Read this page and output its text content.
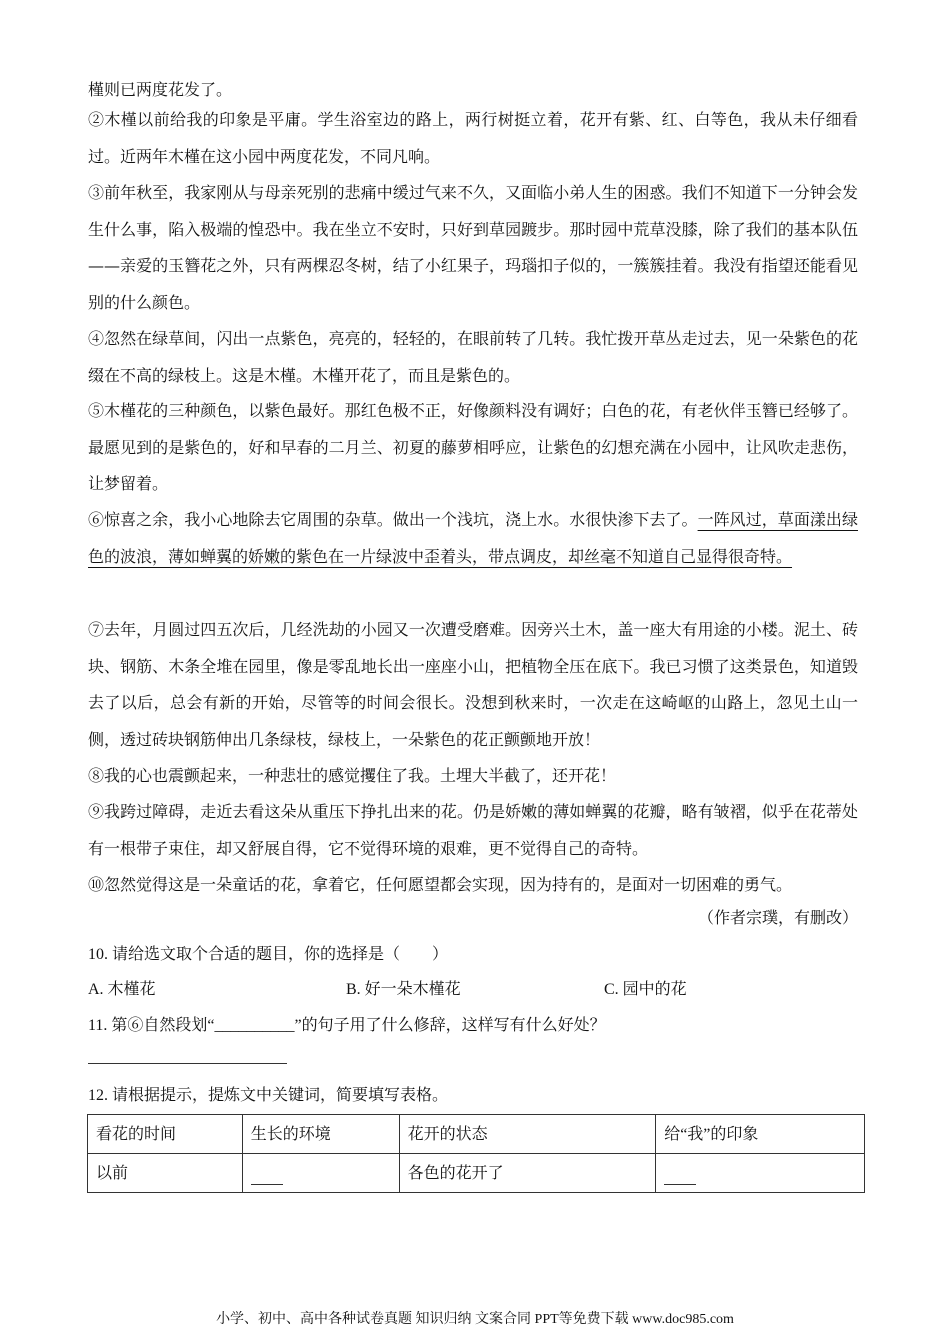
槿则已两度花发了。
②木槿以前给我的印象是平庸。学生浴室边的路上，两行树挺立着，花开有紫、红、白等色，我从未仔细看过。近两年木槿在这小园中两度花发，不同凡响。
③前年秋至，我家刚从与母亲死别的悲痛中缓过气来不久，又面临小弟人生的困惑。我们不知道下一分钟会发生什么事，陷入极端的惶恐中。我在坐立不安时，只好到草园踱步。那时园中荒草没膝，除了我们的基本队伍——亲爱的玉簪花之外，只有两棵忍冬树，结了小红果子，玛瑙扣子似的，一簇簇挂着。我没有指望还能看见别的什么颜色。
④忽然在绿草间，闪出一点紫色，亮亮的，轻轻的，在眼前转了几转。我忙拨开草丛走过去，见一朵紫色的花缀在不高的绿枝上。这是木槿。木槿开花了，而且是紫色的。
⑤木槿花的三种颜色，以紫色最好。那红色极不正，好像颜料没有调好；白色的花，有老伙伴玉簪已经够了。最愿见到的是紫色的，好和早春的二月兰、初夏的藤萝相呼应，让紫色的幻想充满在小园中，让风吹走悲伤，让梦留着。
⑥惊喜之余，我小心地除去它周围的杂草。做出一个浅坑，浇上水。水很快渗下去了。一阵风过，草面漾出绿色的波浪，薄如蝉翼的娇嫩的紫色在一片绿波中歪着头，带点调皮，却丝毫不知道自己显得很奇特。
⑦去年，月圆过四五次后，几经洗劫的小园又一次遭受磨难。因旁兴土木，盖一座大有用途的小楼。泥土、砖块、钢筋、木条全堆在园里，像是零乱地长出一座座小山，把植物全压在底下。我已习惯了这类景色，知道毁去了以后，总会有新的开始，尽管等的时间会很长。没想到秋来时，一次走在这崎岖的山路上，忽见土山一侧，透过砖块钢筋伸出几条绿枝，绿枝上，一朵紫色的花正颤颤地开放！
⑧我的心也震颤起来，一种悲壮的感觉攫住了我。土埋大半截了，还开花！
⑨我跨过障碍，走近去看这朵从重压下挣扎出来的花。仍是娇嫩的薄如蝉翼的花瓣，略有皱褶，似乎在花蒂处有一根带子束住，却又舒展自得，它不觉得环境的艰难，更不觉得自己的奇特。
⑩忽然觉得这是一朵童话的花，拿着它，任何愿望都会实现，因为持有的，是面对一切困难的勇气。
（作者宗璞，有删改）
10. 请给选文取个合适的题目，你的选择是（　　）
A. 木槿花	B. 好一朵木槿花	C. 园中的花
11. 第⑥自然段划“__________”的句子用了什么修辞，这样写有什么好处？
12. 请根据提示，提炼文中关键词，简要填写表格。
看花的时间	生长的环境	花开的状态	给“我”的印象
以前		各色的花开了	
小学、初中、高中各种试卷真题 知识归纳 文案合同 PPT等免费下载 www.doc985.com
